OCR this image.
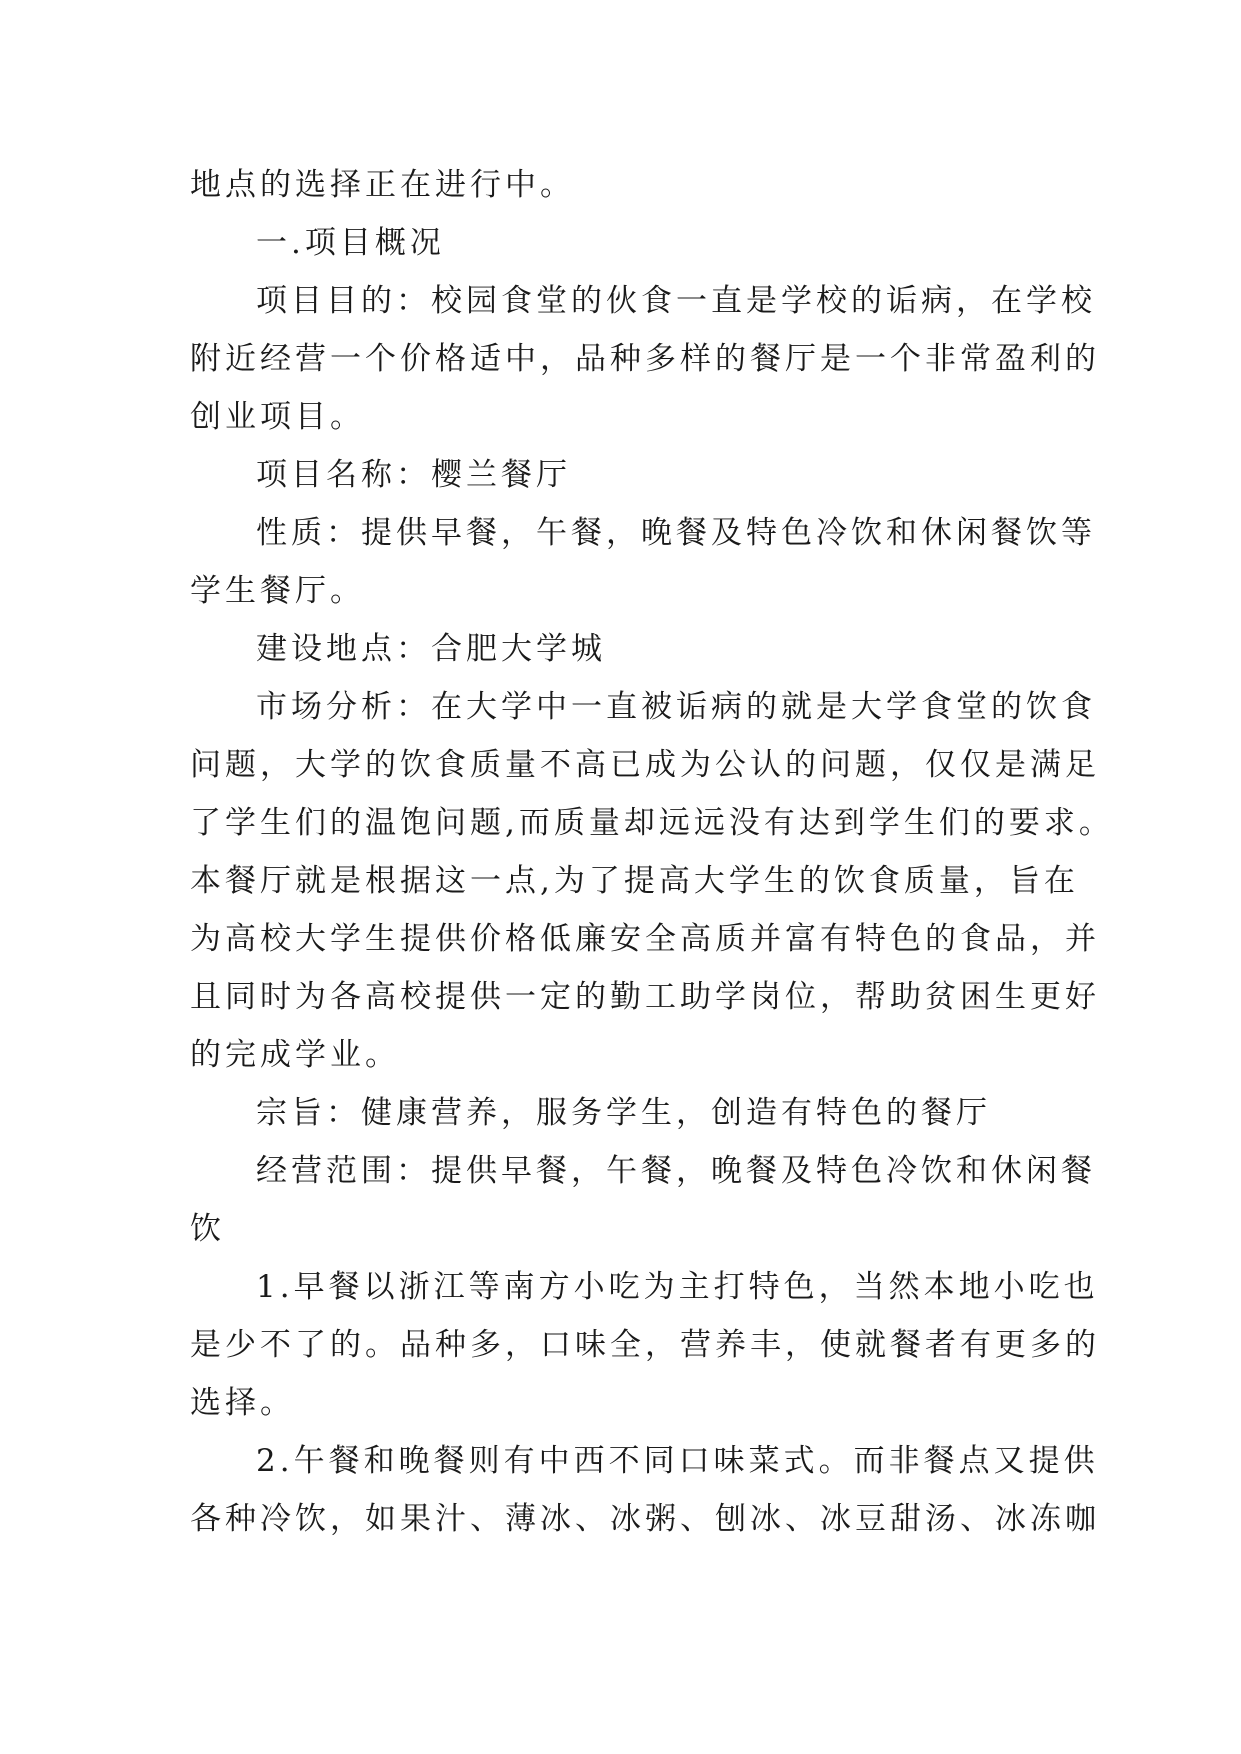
地点的选择正在进行中。
一.项目概况
项目目的：校园食堂的伙食一直是学校的诟病，在学校
附近经营一个价格适中，品种多样的餐厅是一个非常盈利的
创业项目。
项目名称：樱兰餐厅
性质：提供早餐，午餐，晚餐及特色冷饮和休闲餐饮等
学生餐厅。
建设地点：合肥大学城
市场分析：在大学中一直被诟病的就是大学食堂的饮食
问题，大学的饮食质量不高已成为公认的问题，仅仅是满足
了学生们的温饱问题,而质量却远远没有达到学生们的要求。
本餐厅就是根据这一点,为了提高大学生的饮食质量，旨在
为高校大学生提供价格低廉安全高质并富有特色的食品，并
且同时为各高校提供一定的勤工助学岗位，帮助贫困生更好
的完成学业。
宗旨：健康营养，服务学生，创造有特色的餐厅
经营范围：提供早餐，午餐，晚餐及特色冷饮和休闲餐
饮
1.早餐以浙江等南方小吃为主打特色，当然本地小吃也
是少不了的。品种多，口味全，营养丰，使就餐者有更多的
选择。
2.午餐和晚餐则有中西不同口味菜式。而非餐点又提供
各种冷饮，如果汁、薄冰、冰粥、刨冰、冰豆甜汤、冰冻咖
